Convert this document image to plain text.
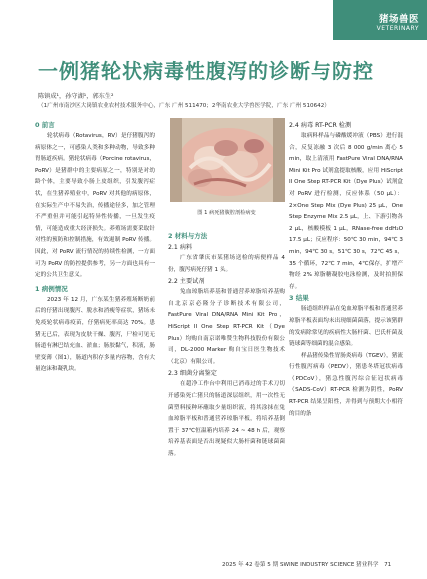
猪场兽医
VETERINARY
一例猪轮状病毒性腹泻的诊断与防控
陈镇成¹，孙守湖¹，郭东生²
（1广州市南沙区大岗镇农业农村技术服务中心，广东 广州 511470；2华南农业大学兽医学院，广东 广州 510642）
0 前言

轮状病毒（Rotavirus，RV）是仔猪腹泻的病原体之一，可感染人类和多种动物，导致多种胃肠道疾病。猪轮状病毒（Porcine rotavirus，PoRV）是猪群中的主要病原之一，特别是对幼龄个体，主要导致小肠上皮组织，引发腹泻症状，在生猪养殖业中，PoRV 对其他的病原体，在实际生产中不易失治，传播途径多，加之管理不严重但并可能引起特异性传播，一旦发生疫情，可能造成重大经济损失。养殖场需要采取针对性的预防和控制措施，有效遏制 PoRV 传播。因此，对 PoRV 流行情况的持续性检测，一方面可为 PoRV 的防控提供参考，另一方面也具有一定的公共卫生意义。

1 病例情况

2023 年 12 月，广东某生猪养殖场断奶前后的仔猪出现腹泻、脱水和消瘦等症状，猪场未免疫轮状病毒疫苗，仔猪病死率高达 70%。患猪无已后，表现为皮肤干燥、腹泻，尸检可见无肠道有淋巴结充血、淤血；肠胶黏气，积液，肠壁变薄（图1），肠道内积存多量内容物，含有大量泡沫和凝乳块。

图 1 病死猪腹腔剖检病变
2 材料与方法
2.1 病料

广东省肇庆市某猪场送检的病便样品 4 份，腹泻病死仔猪 1 头。

2.2 主要试剂

兔血琼脂培养基和普通营养琼脂培养基购自北京京必隆分子诊断技术有限公司，FastPure Viral DNA/RNA Mini Kit Pro，HiScript II One Step RT-PCR Kit（Dye Plus）均购自南京诺唯赞生物科技股份有限公司，DL-2000 Marker 购自宝日医生物技术（北京）有限公司。

2.3 细菌分离鉴定

在超净工作台中利用已消毒过的手术刀切开感染死亡猪只的肠道深层组织，用一次性无菌塑料接种环蘸取少量组织液，将其涂抹在兔血琼脂平板和普通营养琼脂平板，将培养基倒置于 37℃恒温箱内培养 24 ~ 48 h 后，观察培养基表面是否出现疑似大肠杆菌和链球菌菌落。

2.4 病毒 RT-PCR 检测

取病料样品与磷酸缓冲液（PBS）进行混合，反复冻融 3 次后 8 000 g/min 离心 5 min，取上清液用 FastPure Viral DNA/RNA Mini Kit Pro 试剂盒提取核酸，应用 HiScript II One Step RT-PCR Kit（Dye Plus）试剂盒对 PoRV 进行检测，反应体系（50 μL）：2×One Step Mix (Dye Plus) 25 μL，One Step Enzyme Mix 2.5 μL，上、下游引物各 2 μL，核酸模板 1 μL，RNase-free ddH₂O 17.5 μL；反应程序：50℃ 30 min，94℃ 3 min，94℃ 30 s，51℃ 30 s，72℃ 45 s，35 个循环，72℃ 7 min，4℃保存，扩增产物经 2% 琼脂糖凝胶电泳检测，及时拍照保存。

3 结果

肠道组织样品在兔血琼脂平板和普通营养琼脂平板表面均未出现细菌菌落，提示该猪群的发病除常见的疾病性大肠杆菌、巴氏杆菌及链球菌等细菌的混合感染。

样品猪传染性胃肠炎病毒（TGEV），猪流行性腹泻病毒（PEDV），猪患冬塔冠状病毒（PDCoV），猪急性腹泻综合征冠状病毒（SADS-CoV）RT-PCR 检测为阴性，PoRV RT-PCR 结果呈阳性，并得到与预期大小相符的目的条

2025 年 42 卷第 5 期 SWINE INDUSTRY SCIENCE 猪业科学　71
